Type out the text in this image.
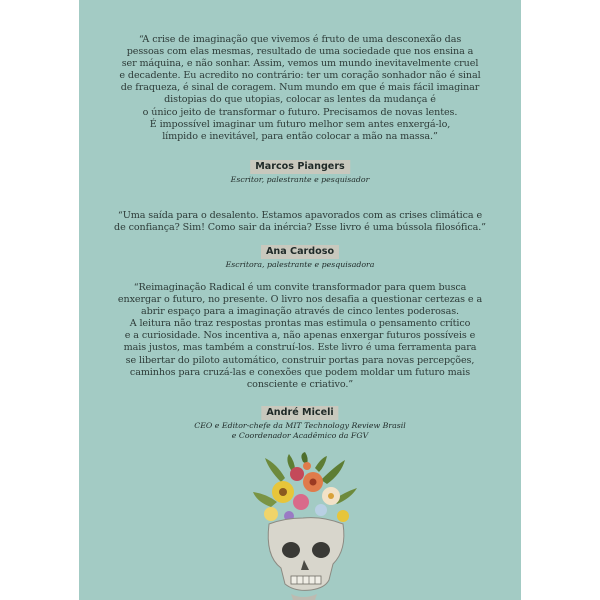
“A crise de imaginação que vivemos é fruto de uma desconexão das
pessoas com elas mesmas, resultado de uma sociedade que nos ensina a
ser máquina, e não sonhar. Assim, vemos um mundo inevitavelmente cruel
e decadente. Eu acredito no contrário: ter um coração sonhador não é sinal
de fraqueza, é sinal de coragem. Num mundo em que é mais fácil imaginar
distopias do que utopias, colocar as lentes da mudança é
o único jeito de transformar o futuro. Precisamos de novas lentes.
É impossível imaginar um futuro melhor sem antes enxergá-lo,
límpido e inevitável, para então colocar a mão na massa.”
Marcos Piangers
Escritor, palestrante e pesquisador
“Uma saída para o desalento. Estamos apavorados com as crises climática e
de confiança? Sim! Como sair da inércia? Esse livro é uma bússola filosófica.”
Ana Cardoso
Escritora, palestrante e pesquisadora
“Reimaginação Radical é um convite transformador para quem busca
enxergar o futuro, no presente. O livro nos desafia a questionar certezas e a
abrir espaço para a imaginação através de cinco lentes poderosas.
A leitura não traz respostas prontas mas estimula o pensamento crítico
e a curiosidade. Nos incentiva a, não apenas enxergar futuros possíveis e
mais justos, mas também a construí-los. Este livro é uma ferramenta para
se libertar do piloto automático, construir portas para novas percepções,
caminhos para cruzá-las e conexões que podem moldar um futuro mais
consciente e criativo.”
André Miceli
CEO e Editor-chefe da MIT Technology Review Brasil
e Coordenador Acadêmico da FGV
